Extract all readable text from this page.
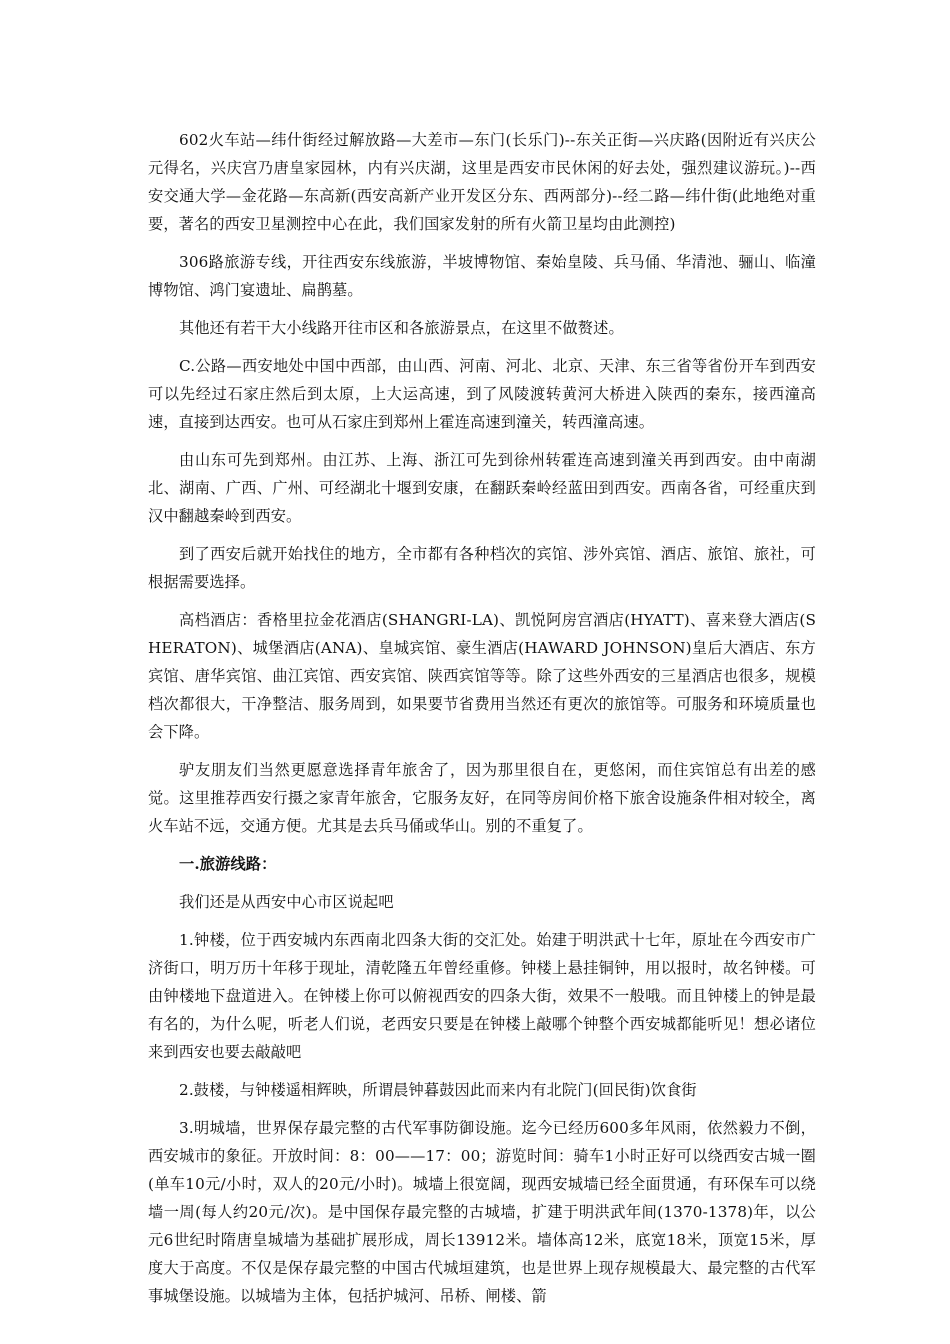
602火车站—纬什街经过解放路—大差市—东门(长乐门)--东关正街—兴庆路(因附近有兴庆公元得名，兴庆宫乃唐皇家园林，内有兴庆湖，这里是西安市民休闲的好去处，强烈建议游玩。)--西安交通大学—金花路—东高新(西安高新产业开发区分东、西两部分)--经二路—纬什街(此地绝对重要，著名的西安卫星测控中心在此，我们国家发射的所有火箭卫星均由此测控)

306路旅游专线，开往西安东线旅游，半坡博物馆、秦始皇陵、兵马俑、华清池、骊山、临潼博物馆、鸿门宴遗址、扁鹊墓。

其他还有若干大小线路开往市区和各旅游景点，在这里不做赘述。

C.公路—西安地处中国中西部，由山西、河南、河北、北京、天津、东三省等省份开车到西安可以先经过石家庄然后到太原，上大运高速，到了风陵渡转黄河大桥进入陕西的秦东，接西潼高速，直接到达西安。也可从石家庄到郑州上霍连高速到潼关，转西潼高速。

由山东可先到郑州。由江苏、上海、浙江可先到徐州转霍连高速到潼关再到西安。由中南湖北、湖南、广西、广州、可经湖北十堰到安康，在翻跃秦岭经蓝田到西安。西南各省，可经重庆到汉中翻越秦岭到西安。

到了西安后就开始找住的地方，全市都有各种档次的宾馆、涉外宾馆、酒店、旅馆、旅社，可根据需要选择。

高档酒店：香格里拉金花酒店(SHANGRI-LA)、凯悦阿房宫酒店(HYATT)、喜来登大酒店(SHERATON)、城堡酒店(ANA)、皇城宾馆、豪生酒店(HAWARD JOHNSON)皇后大酒店、东方宾馆、唐华宾馆、曲江宾馆、西安宾馆、陕西宾馆等等。除了这些外西安的三星酒店也很多，规模档次都很大，干净整洁、服务周到，如果要节省费用当然还有更次的旅馆等。可服务和环境质量也会下降。

驴友朋友们当然更愿意选择青年旅舍了，因为那里很自在，更悠闲，而住宾馆总有出差的感觉。这里推荐西安行摄之家青年旅舍，它服务友好，在同等房间价格下旅舍设施条件相对较全，离火车站不远，交通方便。尤其是去兵马俑或华山。别的不重复了。

一.旅游线路：

我们还是从西安中心市区说起吧

1.钟楼，位于西安城内东西南北四条大街的交汇处。始建于明洪武十七年，原址在今西安市广济街口，明万历十年移于现址，清乾隆五年曾经重修。钟楼上悬挂铜钟，用以报时，故名钟楼。可由钟楼地下盘道进入。在钟楼上你可以俯视西安的四条大街，效果不一般哦。而且钟楼上的钟是最有名的，为什么呢，听老人们说，老西安只要是在钟楼上敲哪个钟整个西安城都能听见！想必诸位来到西安也要去敲敲吧

2.鼓楼，与钟楼遥相辉映，所谓晨钟暮鼓因此而来内有北院门(回民街)饮食街

3.明城墙，世界保存最完整的古代军事防御设施。迄今已经历600多年风雨，依然毅力不倒，西安城市的象征。开放时间：8：00——17：00；游览时间：骑车1小时正好可以绕西安古城一圈(单车10元/小时，双人的20元/小时)。城墙上很宽阔，现西安城墙已经全面贯通，有环保车可以绕墙一周(每人约20元/次)。是中国保存最完整的古城墙，扩建于明洪武年间(1370-1378)年，以公元6世纪时隋唐皇城墙为基础扩展形成，周长13912米。墙体高12米，底宽18米，顶宽15米，厚度大于高度。不仅是保存最完整的中国古代城垣建筑，也是世界上现存规模最大、最完整的古代军事城堡设施。以城墙为主体，包括护城河、吊桥、闸楼、箭
